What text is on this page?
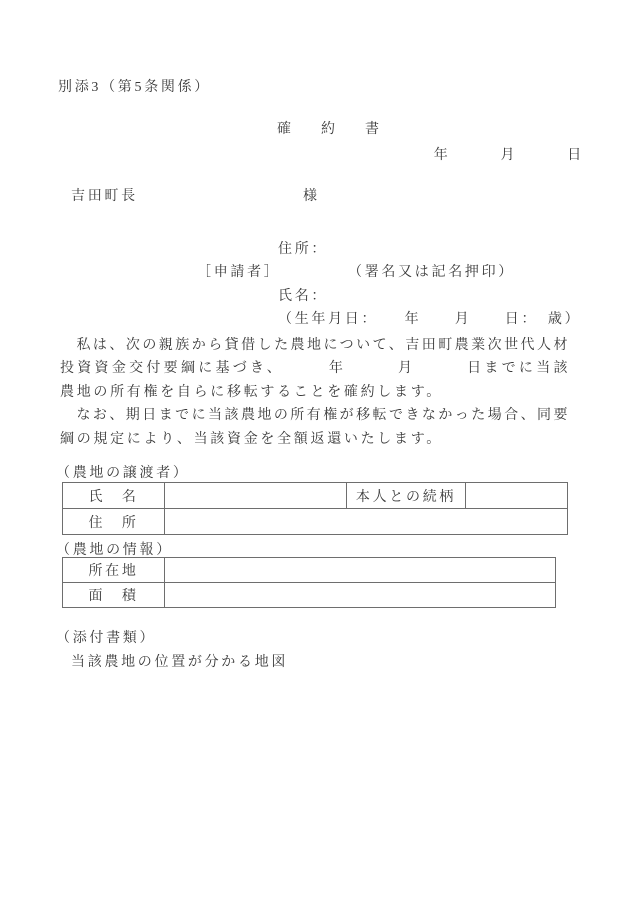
別添3（第5条関係）
確　約　書
年　　　月　　　日
吉田町長	様
住所：
［申請者］	（署名又は記名押印）
氏名：
（生年月日：　　年　　月　　日：　歳）
　私は、次の親族から貸借した農地について、吉田町農業次世代人材
投資資金交付要綱に基づき、　　　年　　　月　　　日までに当該
農地の所有権を自らに移転することを確約します。
　なお、期日までに当該農地の所有権が移転できなかった場合、同要
綱の規定により、当該資金を全額返還いたします。
（農地の譲渡者）
氏　名		本人との続柄	
住　所			
（農地の情報）
所在地	
面　積	
（添付書類）
当該農地の位置が分かる地図
